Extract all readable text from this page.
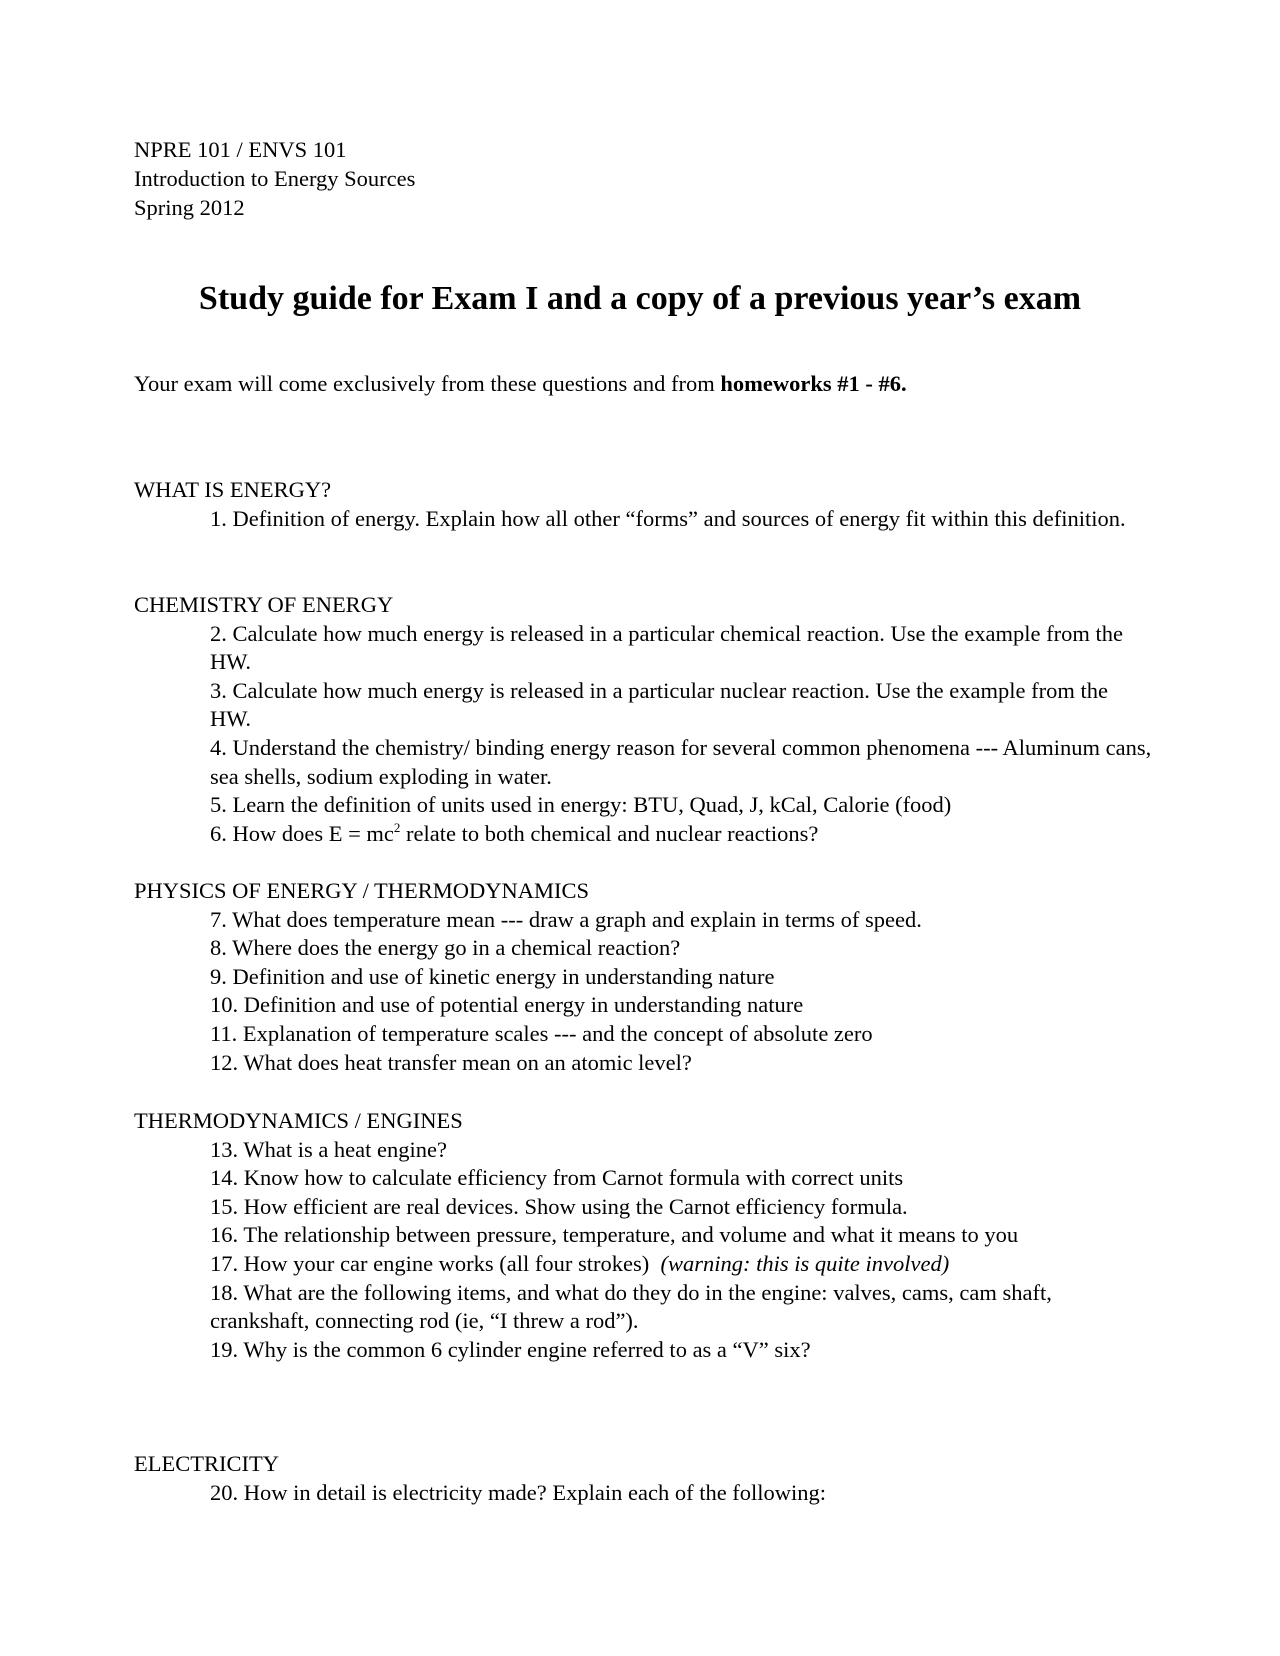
NPRE 101 / ENVS 101
Introduction to Energy Sources
Spring 2012
Study guide for Exam I and a copy of a previous year’s exam
Your exam will come exclusively from these questions and from homeworks #1 - #6.
WHAT IS ENERGY?
1. Definition of energy. Explain how all other “forms” and sources of energy fit within this definition.
CHEMISTRY OF ENERGY
2. Calculate how much energy is released in a particular chemical reaction. Use the example from the HW.
3. Calculate how much energy is released in a particular nuclear reaction. Use the example from the HW.
4. Understand the chemistry/ binding energy reason for several common phenomena --- Aluminum cans, sea shells, sodium exploding in water.
5. Learn the definition of units used in energy: BTU, Quad, J, kCal, Calorie (food)
6. How does $E = mc^2$ relate to both chemical and nuclear reactions?
PHYSICS OF ENERGY / THERMODYNAMICS
7. What does temperature mean --- draw a graph and explain in terms of speed.
8. Where does the energy go in a chemical reaction?
9. Definition and use of kinetic energy in understanding nature
10. Definition and use of potential energy in understanding nature
11. Explanation of temperature scales --- and the concept of absolute zero
12. What does heat transfer mean on an atomic level?
THERMODYNAMICS / ENGINES
13. What is a heat engine?
14. Know how to calculate efficiency from Carnot formula with correct units
15. How efficient are real devices. Show using the Carnot efficiency formula.
16. The relationship between pressure, temperature, and volume and what it means to you
17. How your car engine works (all four strokes)  (warning: this is quite involved)
18. What are the following items, and what do they do in the engine: valves, cams, cam shaft, crankshaft, connecting rod (ie, “I threw a rod”).
19. Why is the common 6 cylinder engine referred to as a “V” six?
ELECTRICITY
20. How in detail is electricity made? Explain each of the following:
